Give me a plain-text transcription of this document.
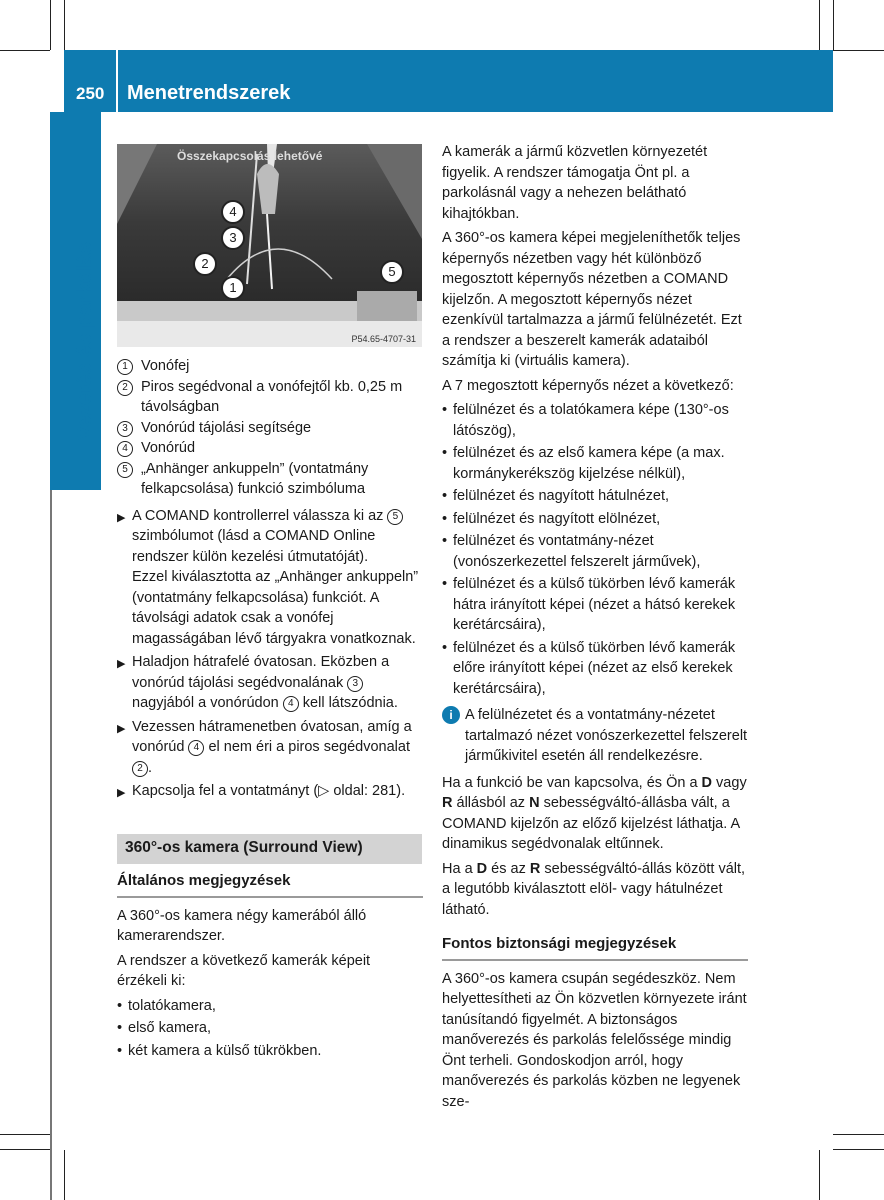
250 Menetrendszerek
Vezetés és parkolás
Összekapcsolás lehetővé
4
3
2
1
5
P54.65-4707-31
1 Vonófej
2 Piros segédvonal a vonófejtől kb. 0,25 m távolságban
3 Vonórúd tájolási segítsége
4 Vonórúd
5 „Anhänger ankuppeln” (vontatmány felkapcsolása) funkció szimbóluma
▶ A COMAND kontrollerrel válassza ki az 5 szimbólumot (lásd a COMAND Online rendszer külön kezelési útmutatóját).
Ezzel kiválasztotta az „Anhänger ankuppeln” (vontatmány felkapcsolása) funkciót. A távolsági adatok csak a vonófej magasságában lévő tárgyakra vonatkoznak.
▶ Haladjon hátrafelé óvatosan. Eközben a vonórúd tájolási segédvonalának 3 nagyjából a vonórúdon 4 kell látszódnia.
▶ Vezessen hátramenetben óvatosan, amíg a vonórúd 4 el nem éri a piros segédvonalat 2 .
▶ Kapcsolja fel a vontatmányt (▷ oldal: 281).
360°-os kamera (Surround View)
Általános megjegyzések

A 360°-os kamera négy kamerából álló kamerarendszer.

A rendszer a következő kamerák képeit érzékeli ki:

• tolatókamera,
• első kamera,
• két kamera a külső tükrökben.

A kamerák a jármű közvetlen környezetét figyelik. A rendszer támogatja Önt pl. a parkolásnál vagy a nehezen belátható kihajtókban.

A 360°-os kamera képei megjeleníthetők teljes képernyős nézetben vagy hét különböző megosztott képernyős nézetben a COMAND kijelzőn. A megosztott képernyős nézet ezenkívül tartalmazza a jármű felülnézetét. Ezt a rendszer a beszerelt kamerák adataiból számítja ki (virtuális kamera).

A 7 megosztott képernyős nézet a következő:

• felülnézet és a tolatókamera képe (130°-os látószög),
• felülnézet és az első kamera képe (a max. kormánykerékszög kijelzése nélkül),
• felülnézet és nagyított hátulnézet,
• felülnézet és nagyított elölnézet,
• felülnézet és vontatmány-nézet (vonószerkezettel felszerelt járművek),
• felülnézet és a külső tükörben lévő kamerák hátra irányított képei (nézet a hátsó kerekek kerétárcsáira),
• felülnézet és a külső tükörben lévő kamerák előre irányított képei (nézet az első kerekek kerétárcsáira),
i A felülnézetet és a vontatmány-nézetet tartalmazó nézet vonószerkezettel felszerelt járműkivitel esetén áll rendelkezésre.

Ha a funkció be van kapcsolva, és Ön a D vagy R állásból az N sebességváltó-állásba vált, a COMAND kijelzőn az előző kijelzést láthatja. A dinamikus segédvonalak eltűnnek.

Ha a D és az R sebességváltó-állás között vált, a legutóbb kiválasztott elöl- vagy hátulnézet látható.

Fontos biztonsági megjegyzések

A 360°-os kamera csupán segédeszköz. Nem helyettesítheti az Ön közvetlen környezete iránt tanúsítandó figyelmét. A biztonságos manőverezés és parkolás felelőssége mindig Önt terheli. Gondoskodjon arról, hogy manőverezés és parkolás közben ne legyenek sze-
